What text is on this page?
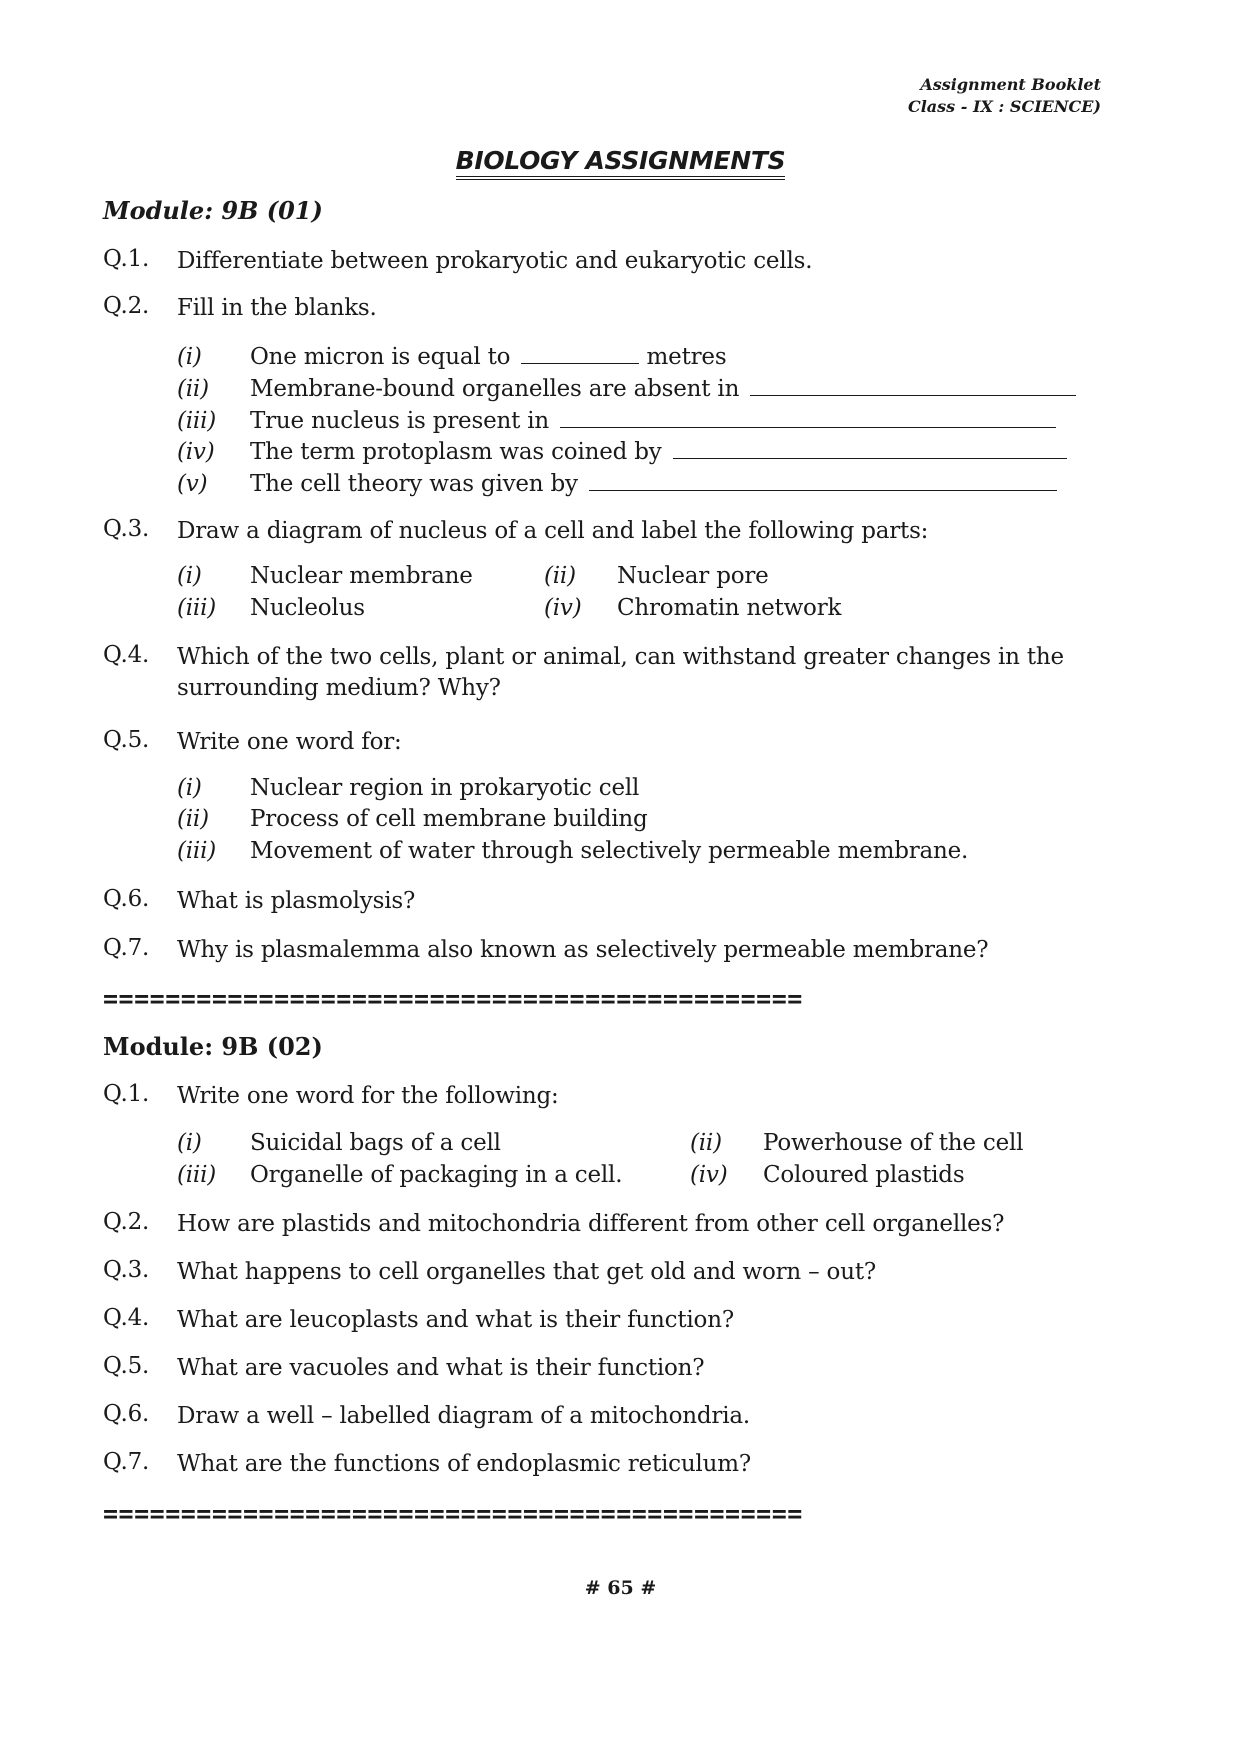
Assignment Booklet
Class - IX : SCIENCE)
BIOLOGY ASSIGNMENTS
Module: 9B (01)
Q.1. Differentiate between prokaryotic and eukaryotic cells.
Q.2. Fill in the blanks.
(i) One micron is equal to	metres
(ii) Membrane-bound organelles are absent in
(iii) True nucleus is present in
(iv) The term protoplasm was coined by
(v) The cell theory was given by
Q.3. Draw a diagram of nucleus of a cell and label the following parts:
(i) Nuclear membrane	(ii) Nuclear pore
(iii) Nucleolus	(iv) Chromatin network
Q.4. Which of the two cells, plant or animal, can withstand greater changes in the surrounding medium? Why?
Q.5. Write one word for:
(i) Nuclear region in prokaryotic cell
(ii) Process of cell membrane building
(iii) Movement of water through selectively permeable membrane.
Q.6. What is plasmolysis?
Q.7. Why is plasmalemma also known as selectively permeable membrane?
=============================================
Module: 9B (02)
Q.1. Write one word for the following:
(i) Suicidal bags of a cell	(ii) Powerhouse of the cell
(iii) Organelle of packaging in a cell.	(iv) Coloured plastids
Q.2. How are plastids and mitochondria different from other cell organelles?
Q.3. What happens to cell organelles that get old and worn – out?
Q.4. What are leucoplasts and what is their function?
Q.5. What are vacuoles and what is their function?
Q.6. Draw a well – labelled diagram of a mitochondria.
Q.7. What are the functions of endoplasmic reticulum?
=============================================
# 65 #
